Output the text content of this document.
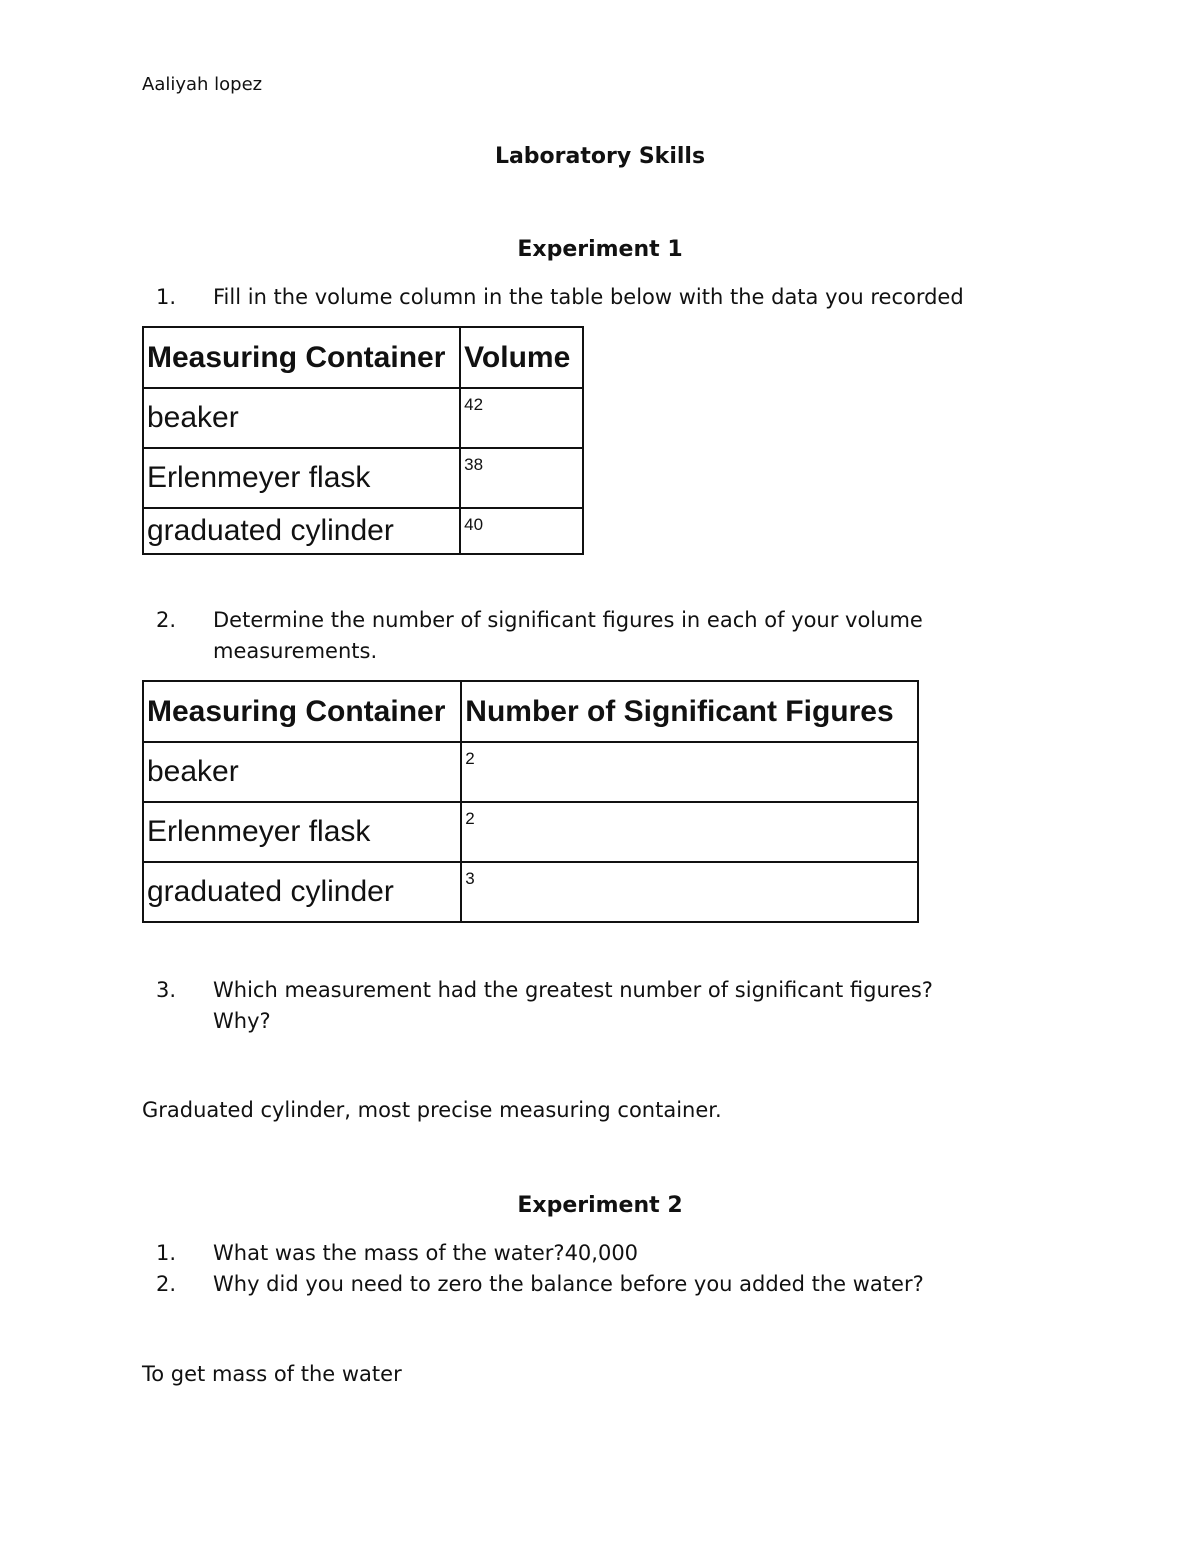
Aaliyah lopez
Laboratory Skills
Experiment 1
1. Fill in the volume column in the table below with the data you recorded
Measuring Container	Volume
beaker	42
Erlenmeyer flask	38
graduated cylinder	40
2. Determine the number of significant figures in each of your volume
measurements.
Measuring Container	Number of Significant Figures
beaker	2
Erlenmeyer flask	2
graduated cylinder	3
3. Which measurement had the greatest number of significant figures?
Why?
Graduated cylinder, most precise measuring container.
Experiment 2
1. What was the mass of the water?40,000
2. Why did you need to zero the balance before you added the water?
To get mass of the water
